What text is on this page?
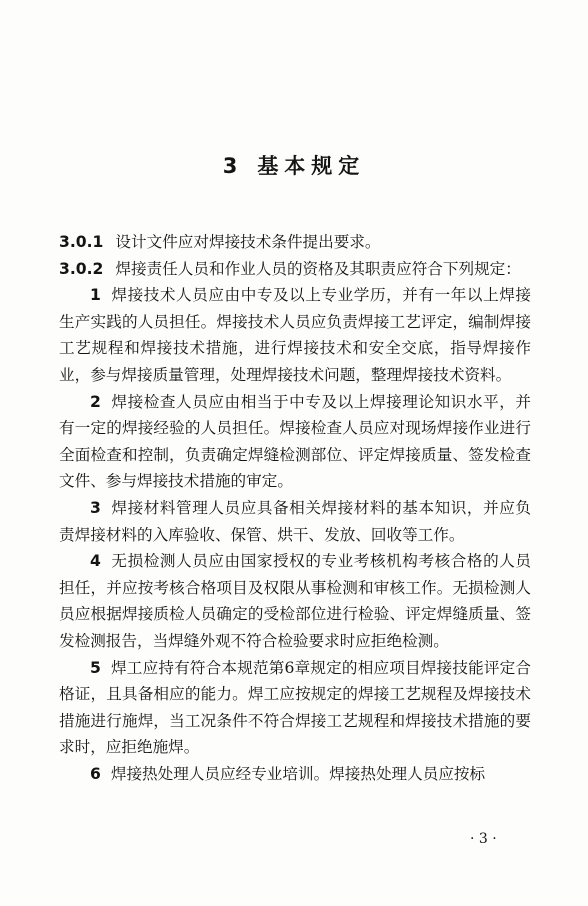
3 基本规定

3.0.1 设计文件应对焊接技术条件提出要求。

3.0.2 焊接责任人员和作业人员的资格及其职责应符合下列规定：

1 焊接技术人员应由中专及以上专业学历，并有一年以上焊接生产实践的人员担任。焊接技术人员应负责焊接工艺评定，编制焊接工艺规程和焊接技术措施，进行焊接技术和安全交底，指导焊接作业，参与焊接质量管理，处理焊接技术问题，整理焊接技术资料。

2 焊接检查人员应由相当于中专及以上焊接理论知识水平，并有一定的焊接经验的人员担任。焊接检查人员应对现场焊接作业进行全面检查和控制，负责确定焊缝检测部位、评定焊接质量、签发检查文件、参与焊接技术措施的审定。

3 焊接材料管理人员应具备相关焊接材料的基本知识，并应负责焊接材料的入库验收、保管、烘干、发放、回收等工作。

4 无损检测人员应由国家授权的专业考核机构考核合格的人员担任，并应按考核合格项目及权限从事检测和审核工作。无损检测人员应根据焊接质检人员确定的受检部位进行检验、评定焊缝质量、签发检测报告，当焊缝外观不符合检验要求时应拒绝检测。

5 焊工应持有符合本规范第6章规定的相应项目焊接技能评定合格证，且具备相应的能力。焊工应按规定的焊接工艺规程及焊接技术措施进行施焊，当工况条件不符合焊接工艺规程和焊接技术措施的要求时，应拒绝施焊。

6 焊接热处理人员应经专业培训。焊接热处理人员应按标

· 3 ·
